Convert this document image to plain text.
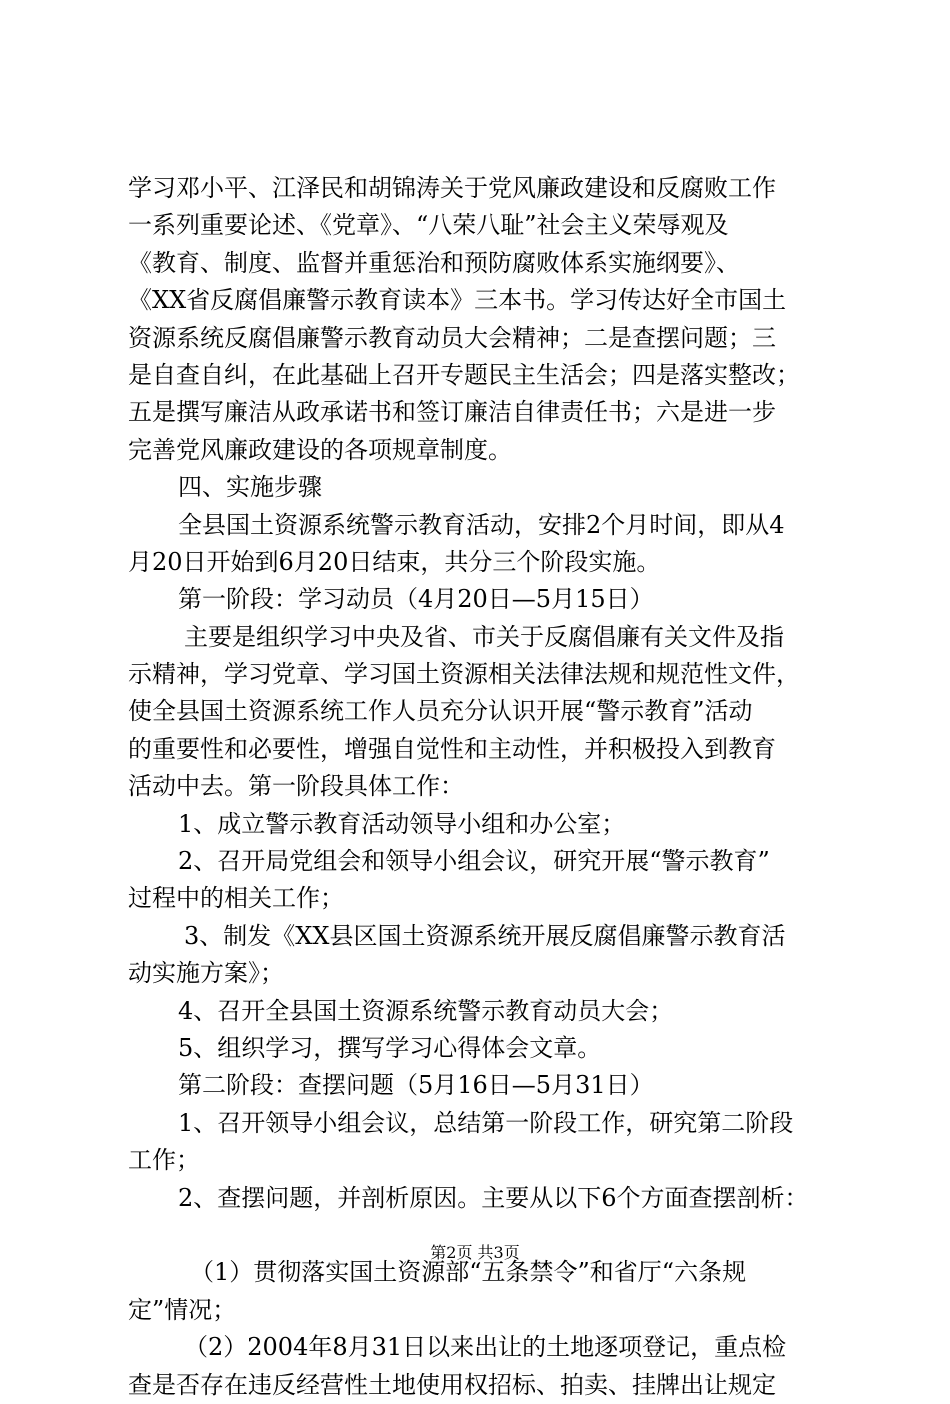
学习邓小平、江泽民和胡锦涛关于党风廉政建设和反腐败工作
一系列重要论述、《党章》、“八荣八耻”社会主义荣辱观及
《教育、制度、监督并重惩治和预防腐败体系实施纲要》、
《XX省反腐倡廉警示教育读本》三本书。学习传达好全市国土
资源系统反腐倡廉警示教育动员大会精神；二是查摆问题；三
是自查自纠，在此基础上召开专题民主生活会；四是落实整改；
五是撰写廉洁从政承诺书和签订廉洁自律责任书；六是进一步
完善党风廉政建设的各项规章制度。
四、实施步骤
全县国土资源系统警示教育活动，安排2个月时间，即从4
月20日开始到6月20日结束，共分三个阶段实施。
第一阶段：学习动员（4月20日—5月15日）
主要是组织学习中央及省、市关于反腐倡廉有关文件及指
示精神，学习党章、学习国土资源相关法律法规和规范性文件，
使全县国土资源系统工作人员充分认识开展“警示教育”活动
的重要性和必要性，增强自觉性和主动性，并积极投入到教育
活动中去。第一阶段具体工作：
1、成立警示教育活动领导小组和办公室；
2、召开局党组会和领导小组会议，研究开展“警示教育”
过程中的相关工作；
3、制发《XX县区国土资源系统开展反腐倡廉警示教育活
动实施方案》；
4、召开全县国土资源系统警示教育动员大会；
5、组织学习，撰写学习心得体会文章。
第二阶段：查摆问题（5月16日—5月31日）
1、召开领导小组会议，总结第一阶段工作，研究第二阶段
工作；
2、查摆问题，并剖析原因。主要从以下6个方面查摆剖析：
（1）贯彻落实国土资源部“五条禁令”和省厅“六条规
定”情况；
（2）2004年8月31日以来出让的土地逐项登记，重点检
查是否存在违反经营性土地使用权招标、拍卖、挂牌出让规定
第2页 共3页
